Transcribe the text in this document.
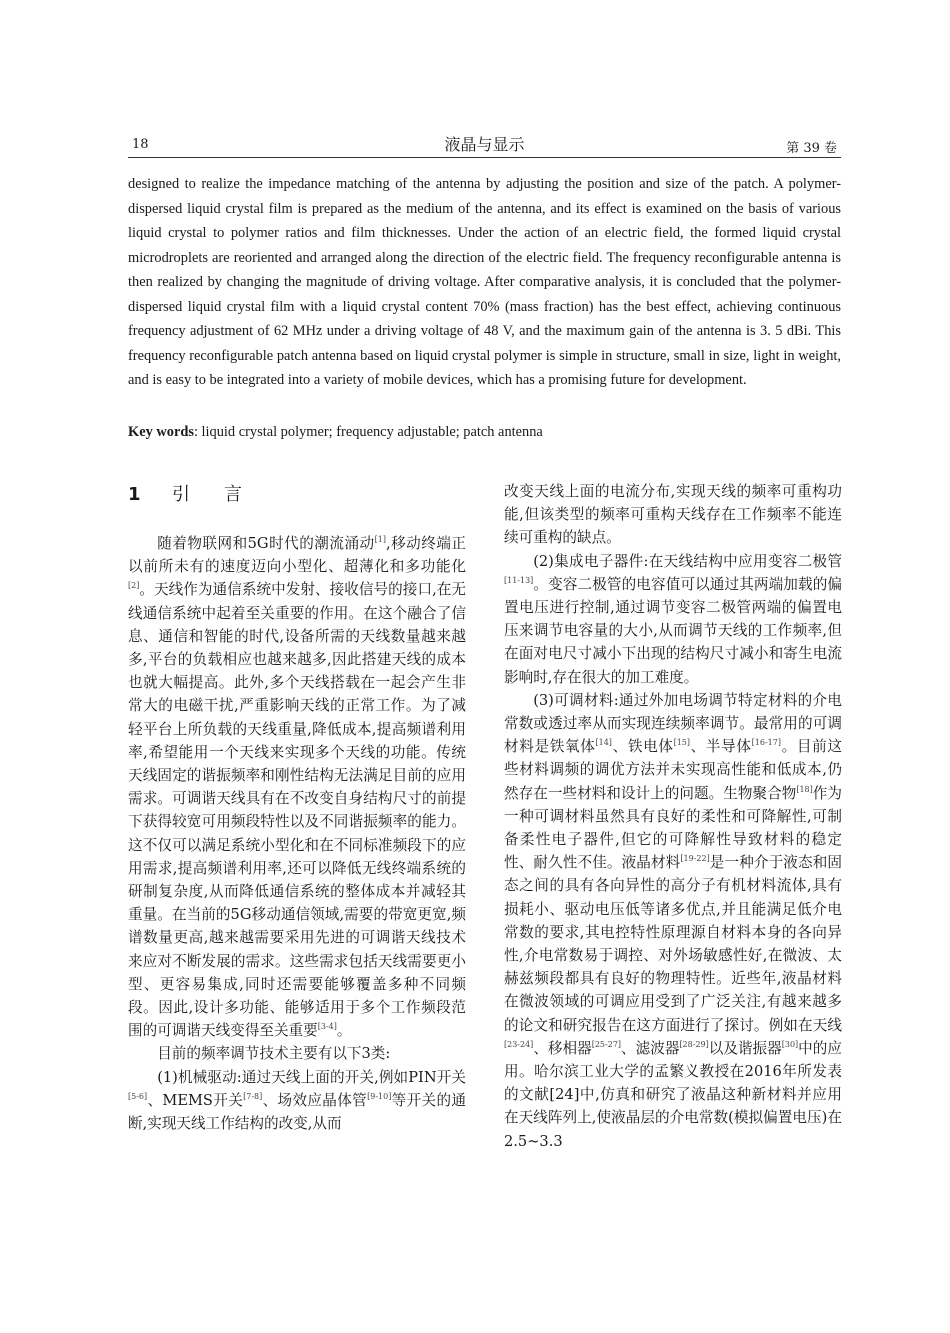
18	液晶与显示	第 39 卷

designed to realize the impedance matching of the antenna by adjusting the position and size of the patch. A polymer-dispersed liquid crystal film is prepared as the medium of the antenna, and its effect is examined on the basis of various liquid crystal to polymer ratios and film thicknesses. Under the action of an electric field, the formed liquid crystal microdroplets are reoriented and arranged along the direction of the electric field. The frequency reconfigurable antenna is then realized by changing the magnitude of driving voltage. After comparative analysis, it is concluded that the polymer-dispersed liquid crystal film with a liquid crystal content 70% (mass fraction) has the best effect, achieving continuous frequency adjustment of 62 MHz under a driving voltage of 48 V, and the maximum gain of the antenna is 3. 5 dBi. This frequency reconfigurable patch antenna based on liquid crystal polymer is simple in structure, small in size, light in weight, and is easy to be integrated into a variety of mobile devices, which has a promising future for development.

Key words: liquid crystal polymer; frequency adjustable; patch antenna

1 引言

随着物联网和5G时代的潮流涌动[1],移动终端正以前所未有的速度迈向小型化、超薄化和多功能化[2]。天线作为通信系统中发射、接收信号的接口,在无线通信系统中起着至关重要的作用。在这个融合了信息、通信和智能的时代,设备所需的天线数量越来越多,平台的负载相应也越来越多,因此搭建天线的成本也就大幅提高。此外,多个天线搭载在一起会产生非常大的电磁干扰,严重影响天线的正常工作。为了减轻平台上所负载的天线重量,降低成本,提高频谱利用率,希望能用一个天线来实现多个天线的功能。传统天线固定的谐振频率和刚性结构无法满足目前的应用需求。可调谐天线具有在不改变自身结构尺寸的前提下获得较宽可用频段特性以及不同谐振频率的能力。这不仅可以满足系统小型化和在不同标准频段下的应用需求,提高频谱利用率,还可以降低无线终端系统的研制复杂度,从而降低通信系统的整体成本并减轻其重量。在当前的5G移动通信领域,需要的带宽更宽,频谱数量更高,越来越需要采用先进的可调谐天线技术来应对不断发展的需求。这些需求包括天线需要更小型、更容易集成,同时还需要能够覆盖多种不同频段。因此,设计多功能、能够适用于多个工作频段范围的可调谐天线变得至关重要[3-4]。

目前的频率调节技术主要有以下3类:

(1)机械驱动:通过天线上面的开关,例如PIN开关[5-6]、MEMS开关[7-8]、场效应晶体管[9-10]等开关的通断,实现天线工作结构的改变,从而

改变天线上面的电流分布,实现天线的频率可重构功能,但该类型的频率可重构天线存在工作频率不能连续可重构的缺点。

(2)集成电子器件:在天线结构中应用变容二极管[11-13]。变容二极管的电容值可以通过其两端加载的偏置电压进行控制,通过调节变容二极管两端的偏置电压来调节电容量的大小,从而调节天线的工作频率,但在面对电尺寸减小下出现的结构尺寸减小和寄生电流影响时,存在很大的加工难度。

(3)可调材料:通过外加电场调节特定材料的介电常数或透过率从而实现连续频率调节。最常用的可调材料是铁氧体[14]、铁电体[15]、半导体[16-17]。目前这些材料调频的调优方法并未实现高性能和低成本,仍然存在一些材料和设计上的问题。生物聚合物[18]作为一种可调材料虽然具有良好的柔性和可降解性,可制备柔性电子器件,但它的可降解性导致材料的稳定性、耐久性不佳。液晶材料[19-22]是一种介于液态和固态之间的具有各向异性的高分子有机材料流体,具有损耗小、驱动电压低等诸多优点,并且能满足低介电常数的要求,其电控特性原理源自材料本身的各向异性,介电常数易于调控、对外场敏感性好,在微波、太赫兹频段都具有良好的物理特性。近些年,液晶材料在微波领域的可调应用受到了广泛关注,有越来越多的论文和研究报告在这方面进行了探讨。例如在天线[23-24]、移相器[25-27]、滤波器[28-29]以及谐振器[30]中的应用。哈尔滨工业大学的孟繁义教授在2016年所发表的文献[24]中,仿真和研究了液晶这种新材料并应用在天线阵列上,使液晶层的介电常数(模拟偏置电压)在2.5~3.3
